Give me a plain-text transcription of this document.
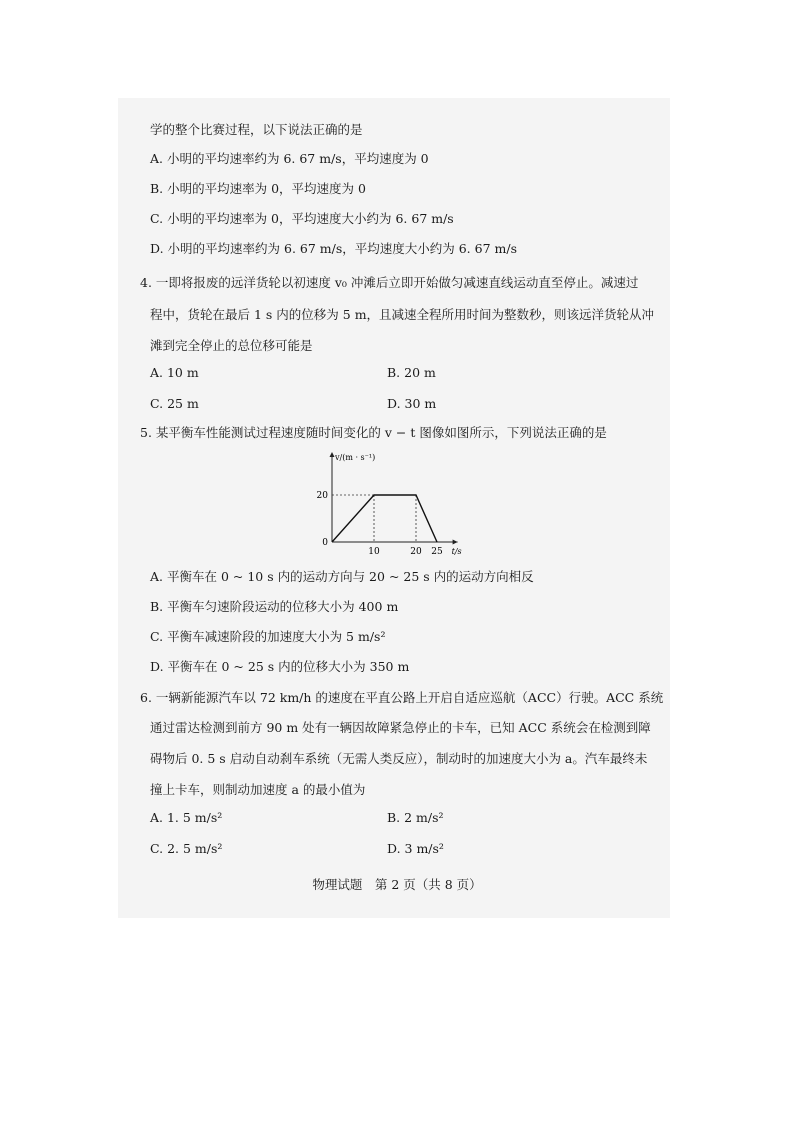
学的整个比赛过程，以下说法正确的是
A. 小明的平均速率约为 6. 67 m/s，平均速度为 0
B. 小明的平均速率为 0，平均速度为 0
C. 小明的平均速率为 0，平均速度大小约为 6. 67 m/s
D. 小明的平均速率约为 6. 67 m/s，平均速度大小约为 6. 67 m/s
4. 一即将报废的远洋货轮以初速度 v₀ 冲滩后立即开始做匀减速直线运动直至停止。减速过
程中，货轮在最后 1 s 内的位移为 5 m，且减速全程所用时间为整数秒，则该远洋货轮从冲
滩到完全停止的总位移可能是
A. 10 m	B. 20 m
C. 25 m	D. 30 m
5. 某平衡车性能测试过程速度随时间变化的 v − t 图像如图所示，下列说法正确的是
10	20 25
20
0
t/s
v/(m · s⁻¹)
A. 平衡车在 0 ~ 10 s 内的运动方向与 20 ~ 25 s 内的运动方向相反
B. 平衡车匀速阶段运动的位移大小为 400 m
C. 平衡车减速阶段的加速度大小为 5 m/s²
D. 平衡车在 0 ~ 25 s 内的位移大小为 350 m
6. 一辆新能源汽车以 72 km/h 的速度在平直公路上开启自适应巡航（ACC）行驶。ACC 系统
通过雷达检测到前方 90 m 处有一辆因故障紧急停止的卡车，已知 ACC 系统会在检测到障
碍物后 0. 5 s 启动自动刹车系统（无需人类反应），制动时的加速度大小为 a。汽车最终未
撞上卡车，则制动加速度 a 的最小值为
A. 1. 5 m/s²	B. 2 m/s²
C. 2. 5 m/s²	D. 3 m/s²
物理试题　第 2 页（共 8 页）
